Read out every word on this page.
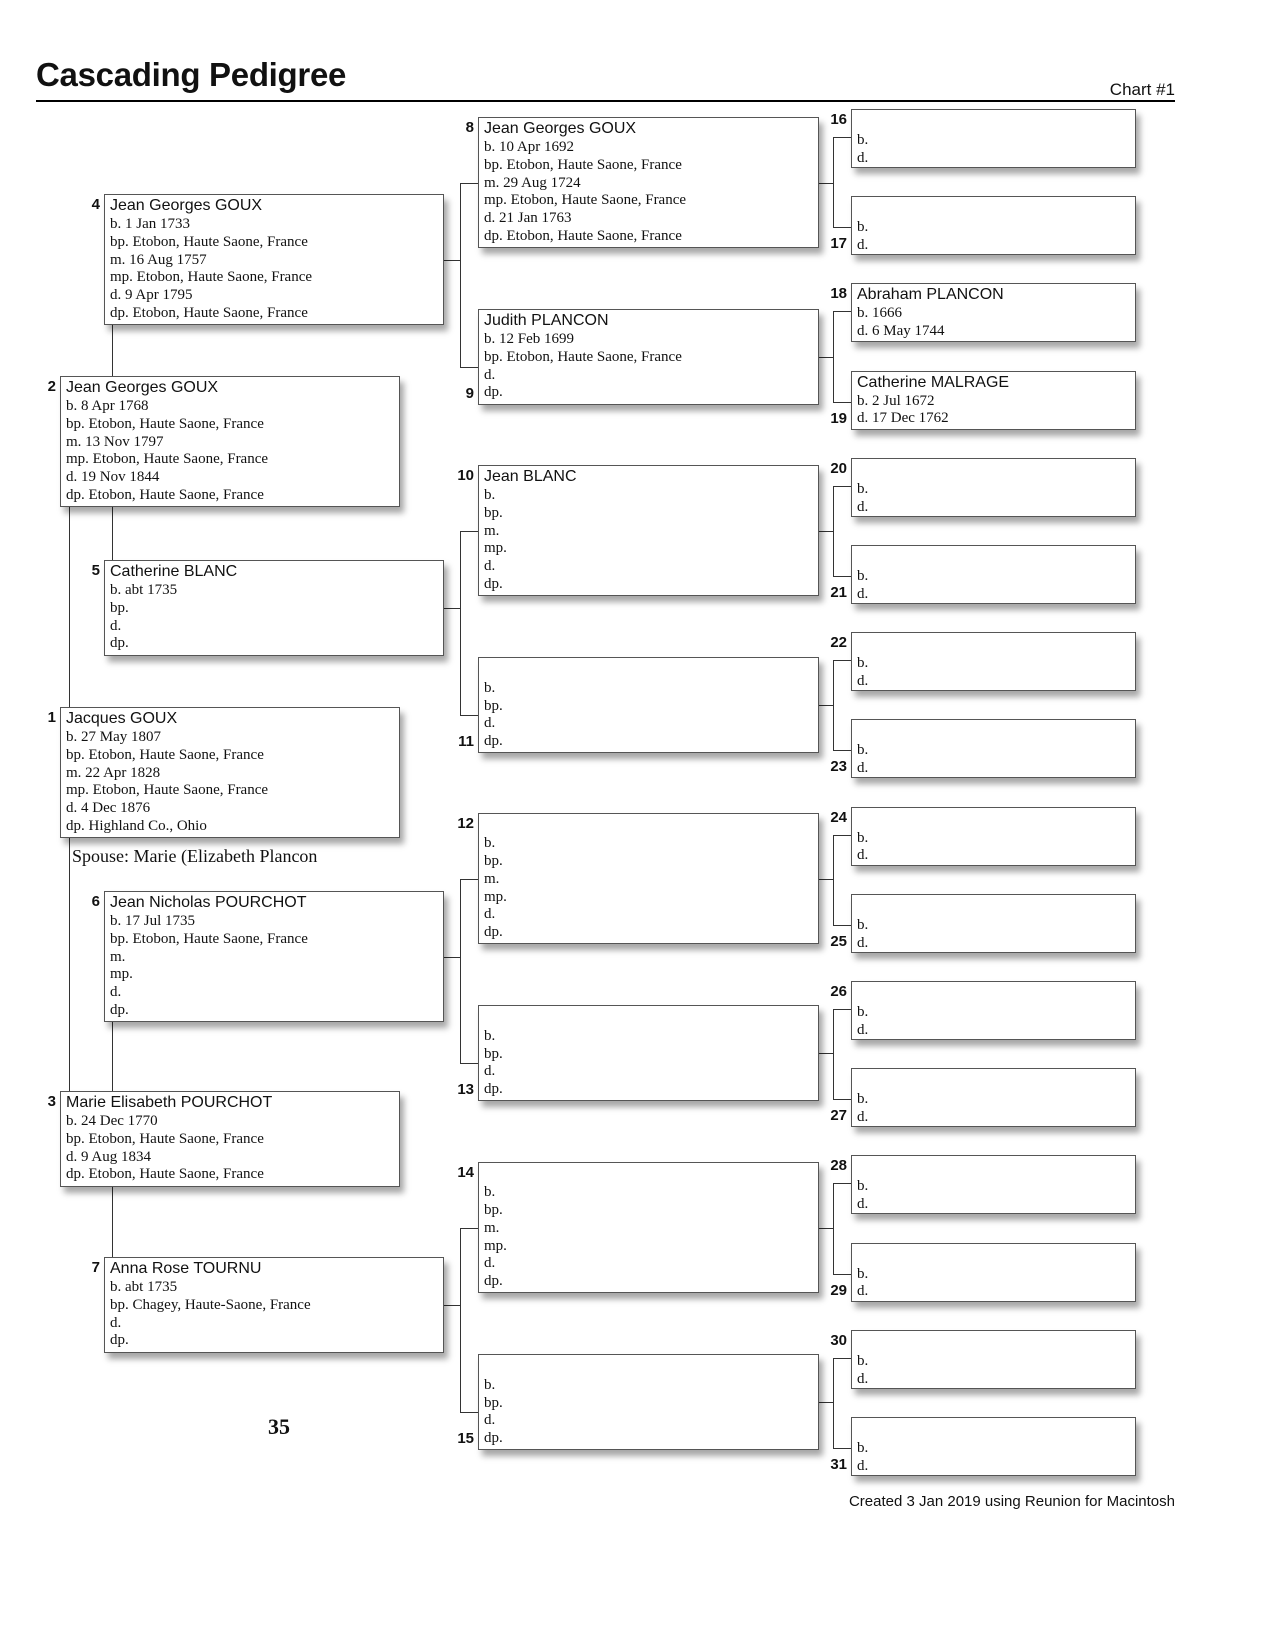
Cascading Pedigree	Chart #1
Jacques GOUX
b. 27 May 1807
bp. Etobon, Haute Saone, France
m. 22 Apr 1828
mp. Etobon, Haute Saone, France
d. 4 Dec 1876
dp. Highland Co., Ohio
1
Jean Georges GOUX
b. 8 Apr 1768
bp. Etobon, Haute Saone, France
m. 13 Nov 1797
mp. Etobon, Haute Saone, France
d. 19 Nov 1844
dp. Etobon, Haute Saone, France
2
Marie Elisabeth POURCHOT
b. 24 Dec 1770
bp. Etobon, Haute Saone, France
d. 9 Aug 1834
dp. Etobon, Haute Saone, France
3
Jean Georges GOUX
b. 1 Jan 1733
bp. Etobon, Haute Saone, France
m. 16 Aug 1757
mp. Etobon, Haute Saone, France
d. 9 Apr 1795
dp. Etobon, Haute Saone, France
4
Catherine BLANC
b. abt 1735
bp.
d.
dp.
5
Jean Nicholas POURCHOT
b. 17 Jul 1735
bp. Etobon, Haute Saone, France
m.
mp.
d.
dp.
6
Anna Rose TOURNU
b. abt 1735
bp. Chagey, Haute-Saone, France
d.
dp.
7
Jean Georges GOUX
b. 10 Apr 1692
bp. Etobon, Haute Saone, France
m. 29 Aug 1724
mp. Etobon, Haute Saone, France
d. 21 Jan 1763
dp. Etobon, Haute Saone, France
8
Judith PLANCON
b. 12 Feb 1699
bp. Etobon, Haute Saone, France
d.
dp.
9
Jean BLANC
b.
bp.
m.
mp.
d.
dp.
10
b.
bp.
d.
dp.
11
b.
bp.
m.
mp.
d.
dp.
12
b.
bp.
d.
dp.
13
b.
bp.
m.
mp.
d.
dp.
14
b.
bp.
d.
dp.
15
b.
d.
16
b.
d.
17
Abraham PLANCON
b. 1666
d. 6 May 1744
18
Catherine MALRAGE
b. 2 Jul 1672
d. 17 Dec 1762
19
b.
d.
20
b.
d.
21
b.
d.
22
b.
d.
23
b.
d.
24
b.
d.
25
b.
d.
26
b.
d.
27
b.
d.
28
b.
d.
29
b.
d.
30
b.
d.
31
Spouse: Marie (Elizabeth Plancon
35
Created 3 Jan 2019 using Reunion for Macintosh
